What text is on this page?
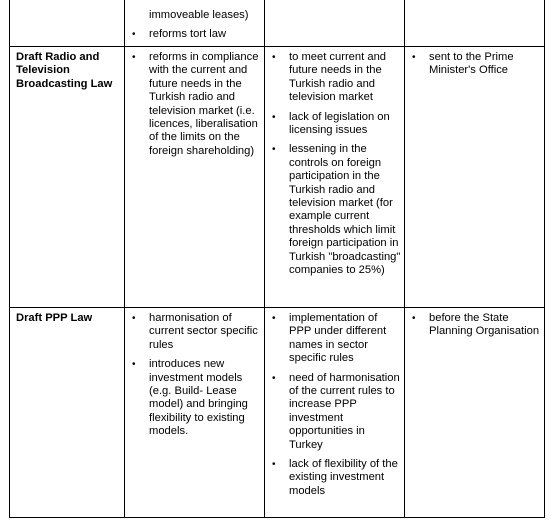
immoveable leases)
• reforms tort law
Draft Radio and Television Broadcasting Law
• reforms in compliance with the current and future needs in the Turkish radio and television market (i.e. licences, liberalisation of the limits on the foreign shareholding)
• to meet current and future needs in the Turkish radio and television market
• lack of legislation on licensing issues
• lessening in the controls on foreign participation in the Turkish radio and television market (for example current thresholds which limit foreign participation in Turkish "broadcasting" companies to 25%)
• sent to the Prime Minister's Office
Draft PPP Law	• harmonisation of current sector specific rules
• introduces new investment models (e.g. Build- Lease model) and bringing flexibility to existing models.
• implementation of PPP under different names in sector specific rules
• need of harmonisation of the current rules to increase PPP investment opportunities in Turkey
• lack of flexibility of the existing investment models
• before the State Planning Organisation
